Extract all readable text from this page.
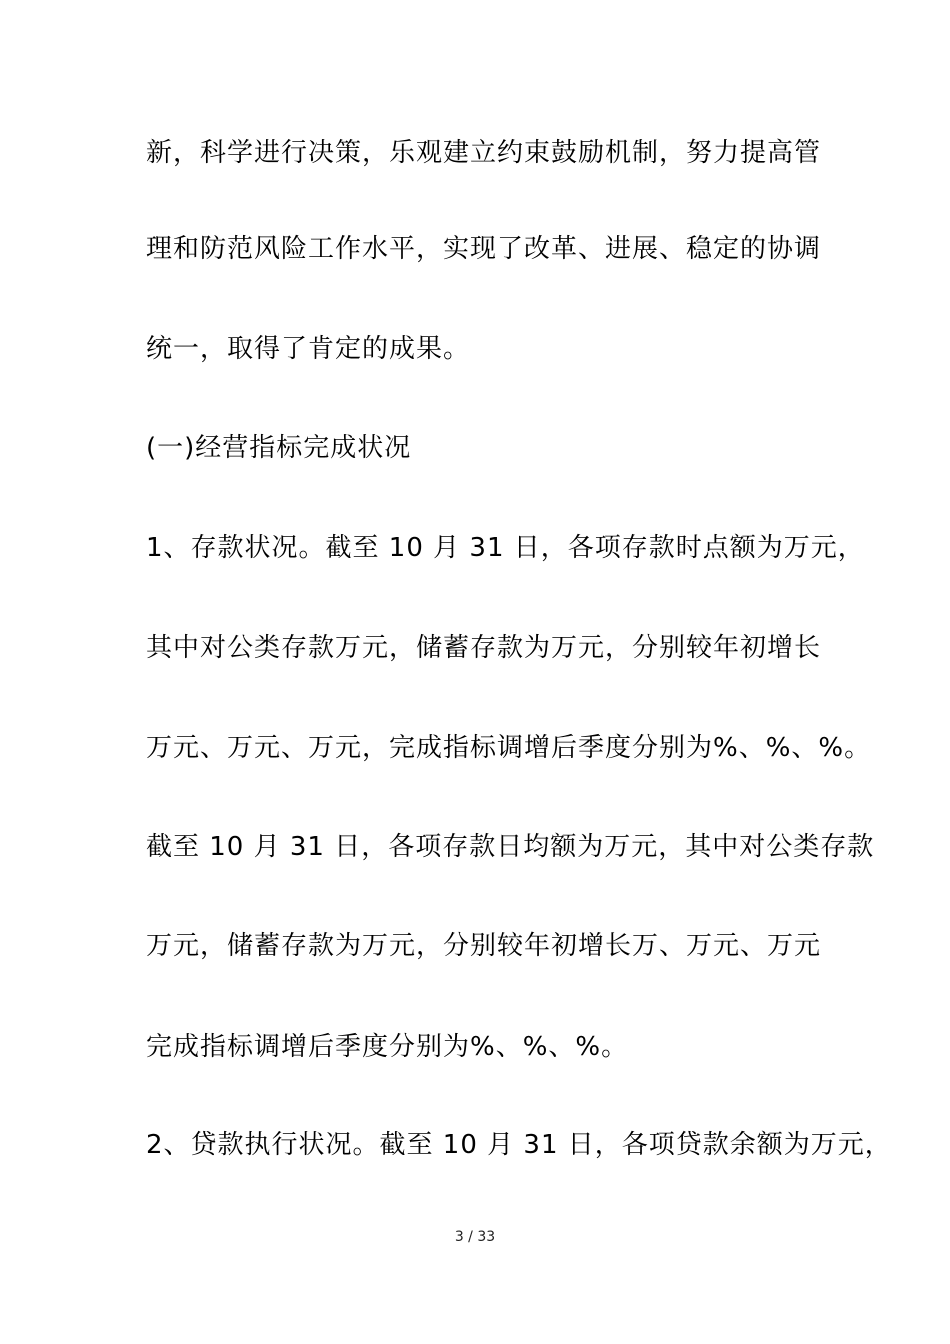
新，科学进行决策，乐观建立约束鼓励机制，努力提高管
理和防范风险工作水平，实现了改革、进展、稳定的协调
统一，取得了肯定的成果。
(一)经营指标完成状况
1、存款状况。截至 10 月 31 日，各项存款时点额为万元，
其中对公类存款万元，储蓄存款为万元，分别较年初增长
万元、万元、万元，完成指标调增后季度分别为%、%、%。
截至 10 月 31 日，各项存款日均额为万元，其中对公类存款
万元，储蓄存款为万元，分别较年初增长万、万元、万元
完成指标调增后季度分别为%、%、%。
2、贷款执行状况。截至 10 月 31 日，各项贷款余额为万元，
3 / 33
